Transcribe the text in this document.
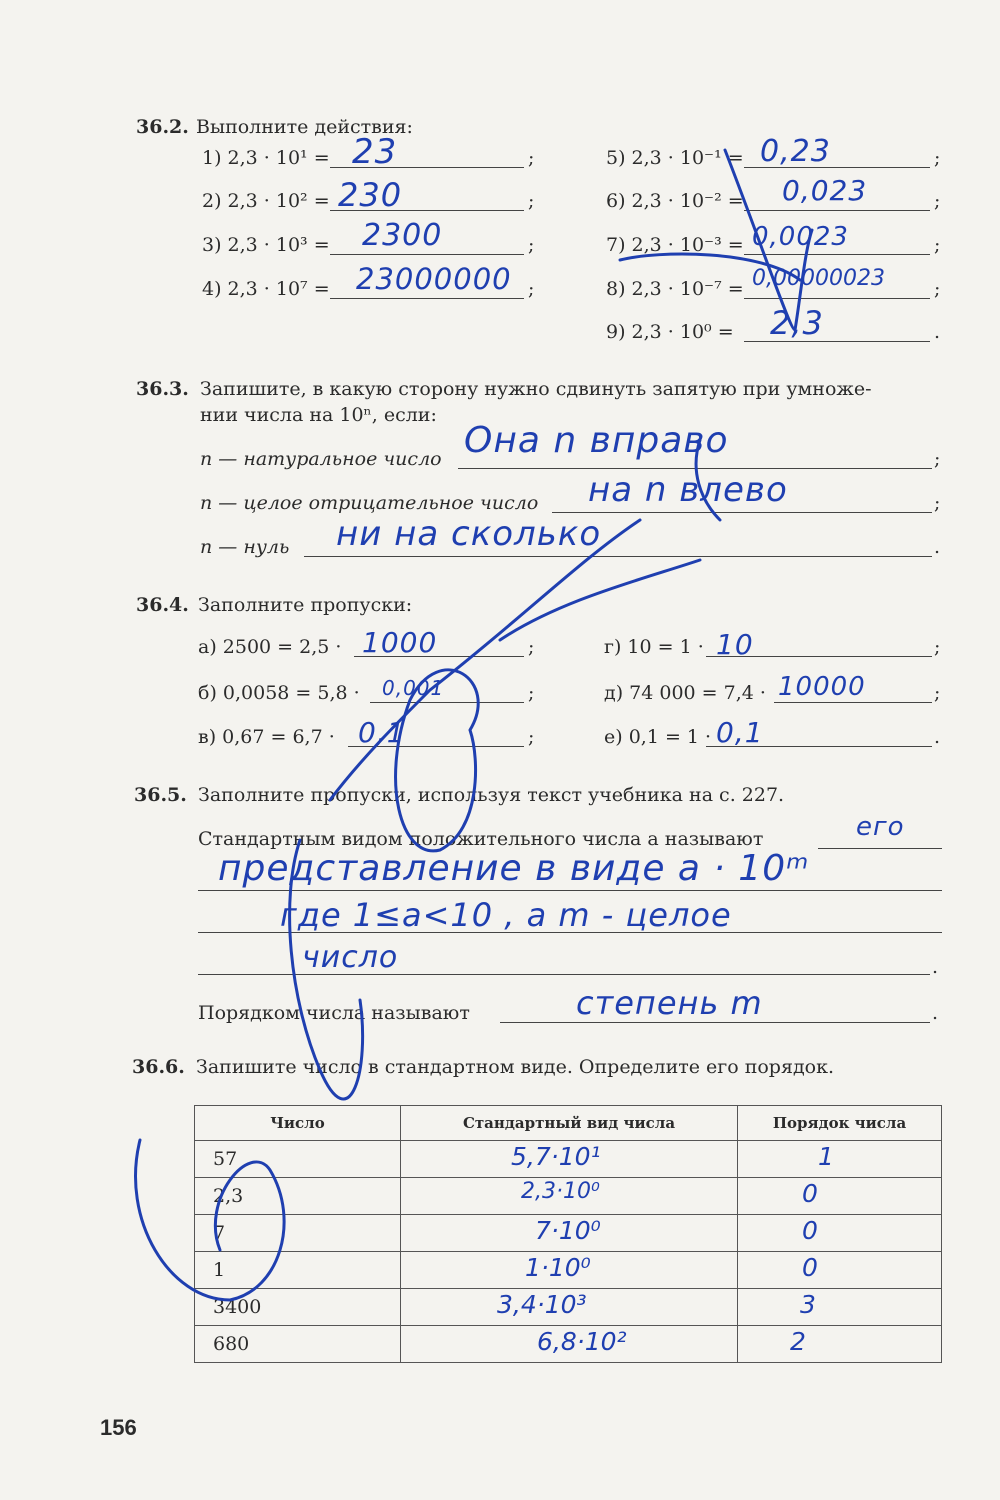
36.2. Выполните действия:
1) 2,3 · 10¹ = 23	;
2) 2,3 · 10² = 230	;
3) 2,3 · 10³ = 2300	;
4) 2,3 · 10⁷ = 23000000 ;
5) 2,3 · 10⁻¹ = 0,23	;
6) 2,3 · 10⁻² = 0,023	;
7) 2,3 · 10⁻³ = 0,0023	;
8) 2,3 · 10⁻⁷ = 0,00000023	;
9) 2,3 · 10⁰ = 2,3	.
36.3. Запишите, в какую сторону нужно сдвинуть запятую при умноже-
нии числа на 10ⁿ, если:
n — натуральное число Она n вправо	;
n — целое отрицательное число на n влево	;
n — нуль ни на сколько	.
36.4. Заполните пропуски:
а) 2500 = 2,5 · 1000	;
б) 0,0058 = 5,8 · 0,001	;
в) 0,67 = 6,7 · 0,1	;
г) 10 = 1 · 10	;
д) 74 000 = 7,4 · 10000	;
е) 0,1 = 1 · 0,1	.
36.5. Заполните пропуски, используя текст учебника на с. 227.
Стандартным видом положительного числа a называют	его
представление в виде a · 10ᵐ
где 1≤a<10 , а m - целое
число	.
Порядком числа называют	степень m	.
36.6. Запишите число в стандартном виде. Определите его порядок.
Число	Стандартный вид числа	Порядок числа
57	5,7·10¹	1

2,3	2,3·10⁰	0

7	7·10⁰	0

1	1·10⁰	0

3400	3,4·10³	3

680	6,8·10²	2
156
